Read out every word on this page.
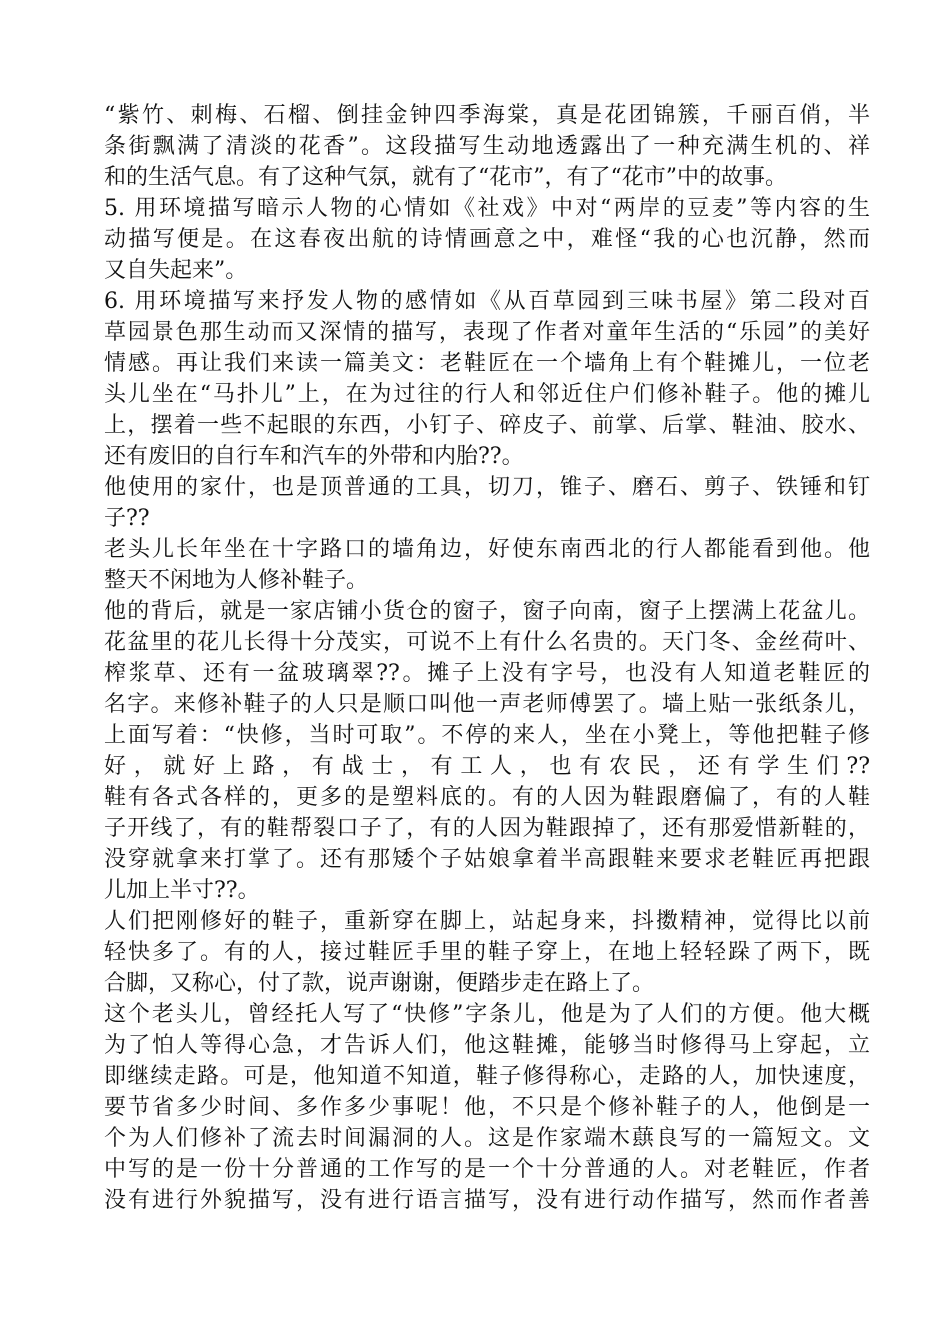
“紫竹、刺梅、石榴、倒挂金钟四季海棠，真是花团锦簇，千丽百俏，半
条街飘满了清淡的花香”。这段描写生动地透露出了一种充满生机的、祥
和的生活气息。有了这种气氛，就有了“花市”，有了“花市”中的故事。
5. 用环境描写暗示人物的心情如《社戏》中对“两岸的豆麦”等内容的生
动描写便是。在这春夜出航的诗情画意之中，难怪“我的心也沉静，然而
又自失起来”。
6. 用环境描写来抒发人物的感情如《从百草园到三味书屋》第二段对百
草园景色那生动而又深情的描写，表现了作者对童年生活的“乐园”的美好
情感。再让我们来读一篇美文：老鞋匠在一个墙角上有个鞋摊儿，一位老
头儿坐在“马扑儿”上，在为过往的行人和邻近住户们修补鞋子。他的摊儿
上，摆着一些不起眼的东西，小钉子、碎皮子、前掌、后掌、鞋油、胶水、
还有废旧的自行车和汽车的外带和内胎??。
他使用的家什，也是顶普通的工具，切刀，锥子、磨石、剪子、铁锤和钉
子??
老头儿长年坐在十字路口的墙角边，好使东南西北的行人都能看到他。他
整天不闲地为人修补鞋子。
他的背后，就是一家店铺小货仓的窗子，窗子向南，窗子上摆满上花盆儿。
花盆里的花儿长得十分茂实，可说不上有什么名贵的。天门冬、金丝荷叶、
榨浆草、还有一盆玻璃翠??。摊子上没有字号，也没有人知道老鞋匠的
名字。来修补鞋子的人只是顺口叫他一声老师傅罢了。墙上贴一张纸条儿，
上面写着：“快修，当时可取”。不停的来人，坐在小凳上，等他把鞋子修
好，就好上路，有战士，有工人，也有农民，还有学生们??
鞋有各式各样的，更多的是塑料底的。有的人因为鞋跟磨偏了，有的人鞋
子开线了，有的鞋帮裂口子了，有的人因为鞋跟掉了，还有那爱惜新鞋的，
没穿就拿来打掌了。还有那矮个子姑娘拿着半高跟鞋来要求老鞋匠再把跟
儿加上半寸??。
人们把刚修好的鞋子，重新穿在脚上，站起身来，抖擞精神，觉得比以前
轻快多了。有的人，接过鞋匠手里的鞋子穿上，在地上轻轻跺了两下，既
合脚，又称心，付了款，说声谢谢，便踏步走在路上了。
这个老头儿，曾经托人写了“快修”字条儿，他是为了人们的方便。他大概
为了怕人等得心急，才告诉人们，他这鞋摊，能够当时修得马上穿起，立
即继续走路。可是，他知道不知道，鞋子修得称心，走路的人，加快速度，
要节省多少时间、多作多少事呢！他，不只是个修补鞋子的人，他倒是一
个为人们修补了流去时间漏洞的人。这是作家端木蕻良写的一篇短文。文
中写的是一份十分普通的工作写的是一个十分普通的人。对老鞋匠，作者
没有进行外貌描写，没有进行语言描写，没有进行动作描写，然而作者善
